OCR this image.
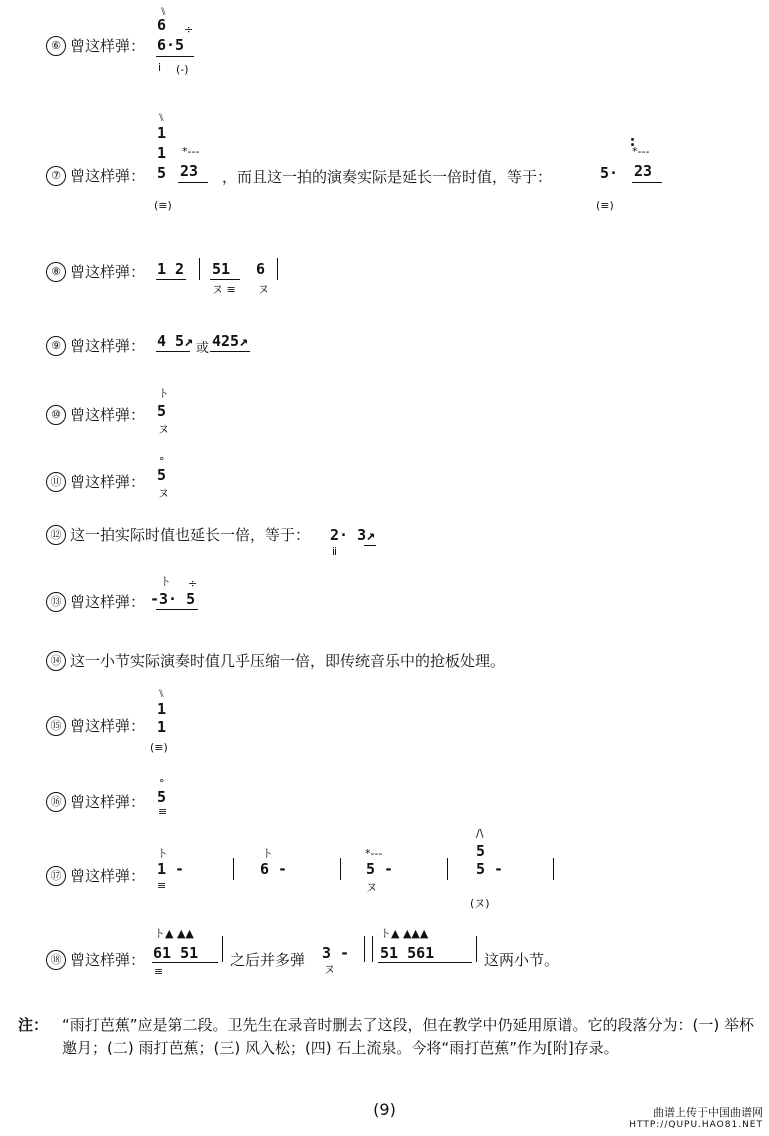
⑥ 曾这样弹：
⑊
6
6·5
÷
ⅰ (-)
⑦ 曾这样弹：
⑊
1
1
5 23
*---
(≡)
，而且这一拍的演奏实际是延长一倍时值，等于：
:
5· 23
*---
(≡)
⑧ 曾这样弹： 1 2 51 6
ヌ ≡ ヌ
⑨ 曾这样弹： 4 5↗ 或 425↗
⑩ 曾这样弹：
ト
5
ヌ
⑪ 曾这样弹：
°
5
ヌ
⑫ 这一拍实际时值也延长一倍，等于： 2· 3↗
ⅱ
⑬ 曾这样弹：
ト
-3· 5
÷
⑭ 这一小节实际演奏时值几乎压缩一倍，即传统音乐中的抢板处理。
⑮ 曾这样弹：
⑊
1
1
(≡)
⑯ 曾这样弹：
°
5
≡
⑰ 曾这样弹：
ト
1 -
≡
ト
6 -
*---
5 -
ヌ
/\
5
5 -
(ヌ)
⑱ 曾这样弹：
ト▲ ▲▲
61 51
≡
之后并多弹 3 -
ヌ
ト▲ ▲▲▲
51 561	这两小节。
注： “雨打芭蕉”应是第二段。卫先生在录音时删去了这段，但在教学中仍延用原谱。它的段落分为：(一) 举杯邀月；(二) 雨打芭蕉；(三) 风入松；(四) 石上流泉。今将“雨打芭蕉”作为[附]存录。
(9)	曲谱上传于中国曲谱网
HTTP://QUPU.HAO81.NET
